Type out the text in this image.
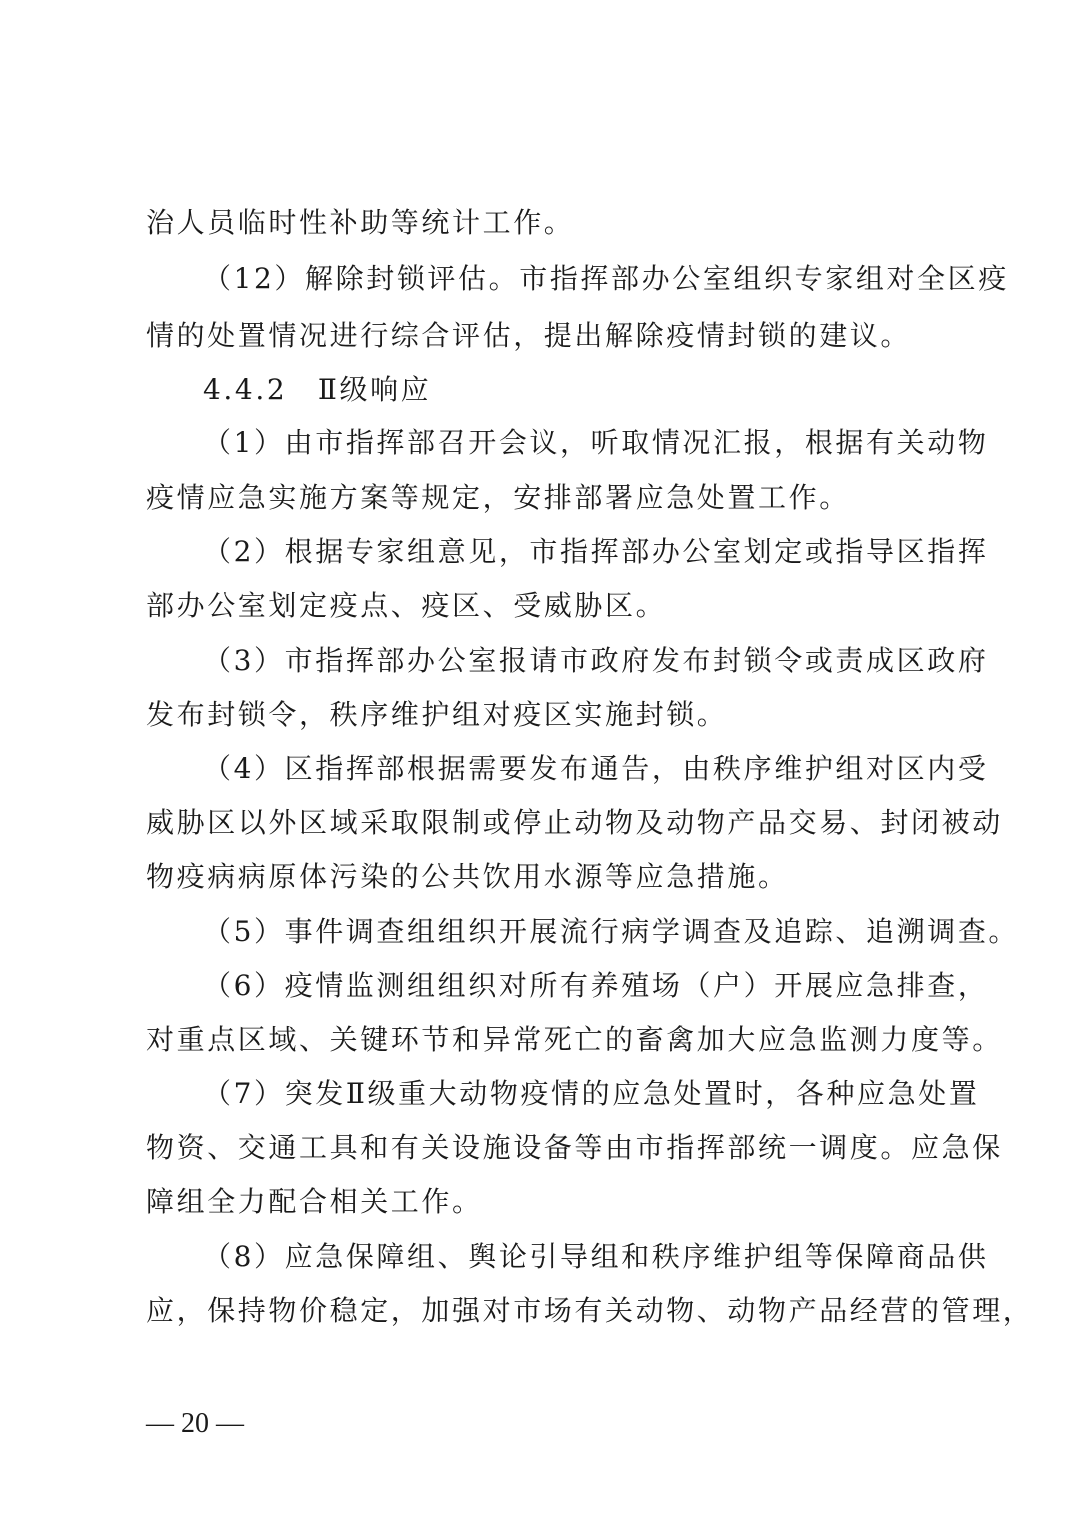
治人员临时性补助等统计工作。
（12）解除封锁评估。市指挥部办公室组织专家组对全区疫
情的处置情况进行综合评估，提出解除疫情封锁的建议。
4.4.2　Ⅱ级响应
（1）由市指挥部召开会议，听取情况汇报，根据有关动物
疫情应急实施方案等规定，安排部署应急处置工作。
（2）根据专家组意见，市指挥部办公室划定或指导区指挥
部办公室划定疫点、疫区、受威胁区。
（3）市指挥部办公室报请市政府发布封锁令或责成区政府
发布封锁令，秩序维护组对疫区实施封锁。
（4）区指挥部根据需要发布通告，由秩序维护组对区内受
威胁区以外区域采取限制或停止动物及动物产品交易、封闭被动
物疫病病原体污染的公共饮用水源等应急措施。
（5）事件调查组组织开展流行病学调查及追踪、追溯调查。
（6）疫情监测组组织对所有养殖场（户）开展应急排查，
对重点区域、关键环节和异常死亡的畜禽加大应急监测力度等。
（7）突发Ⅱ级重大动物疫情的应急处置时，各种应急处置
物资、交通工具和有关设施设备等由市指挥部统一调度。应急保
障组全力配合相关工作。
（8）应急保障组、舆论引导组和秩序维护组等保障商品供
应，保持物价稳定，加强对市场有关动物、动物产品经营的管理，
— 20 —
